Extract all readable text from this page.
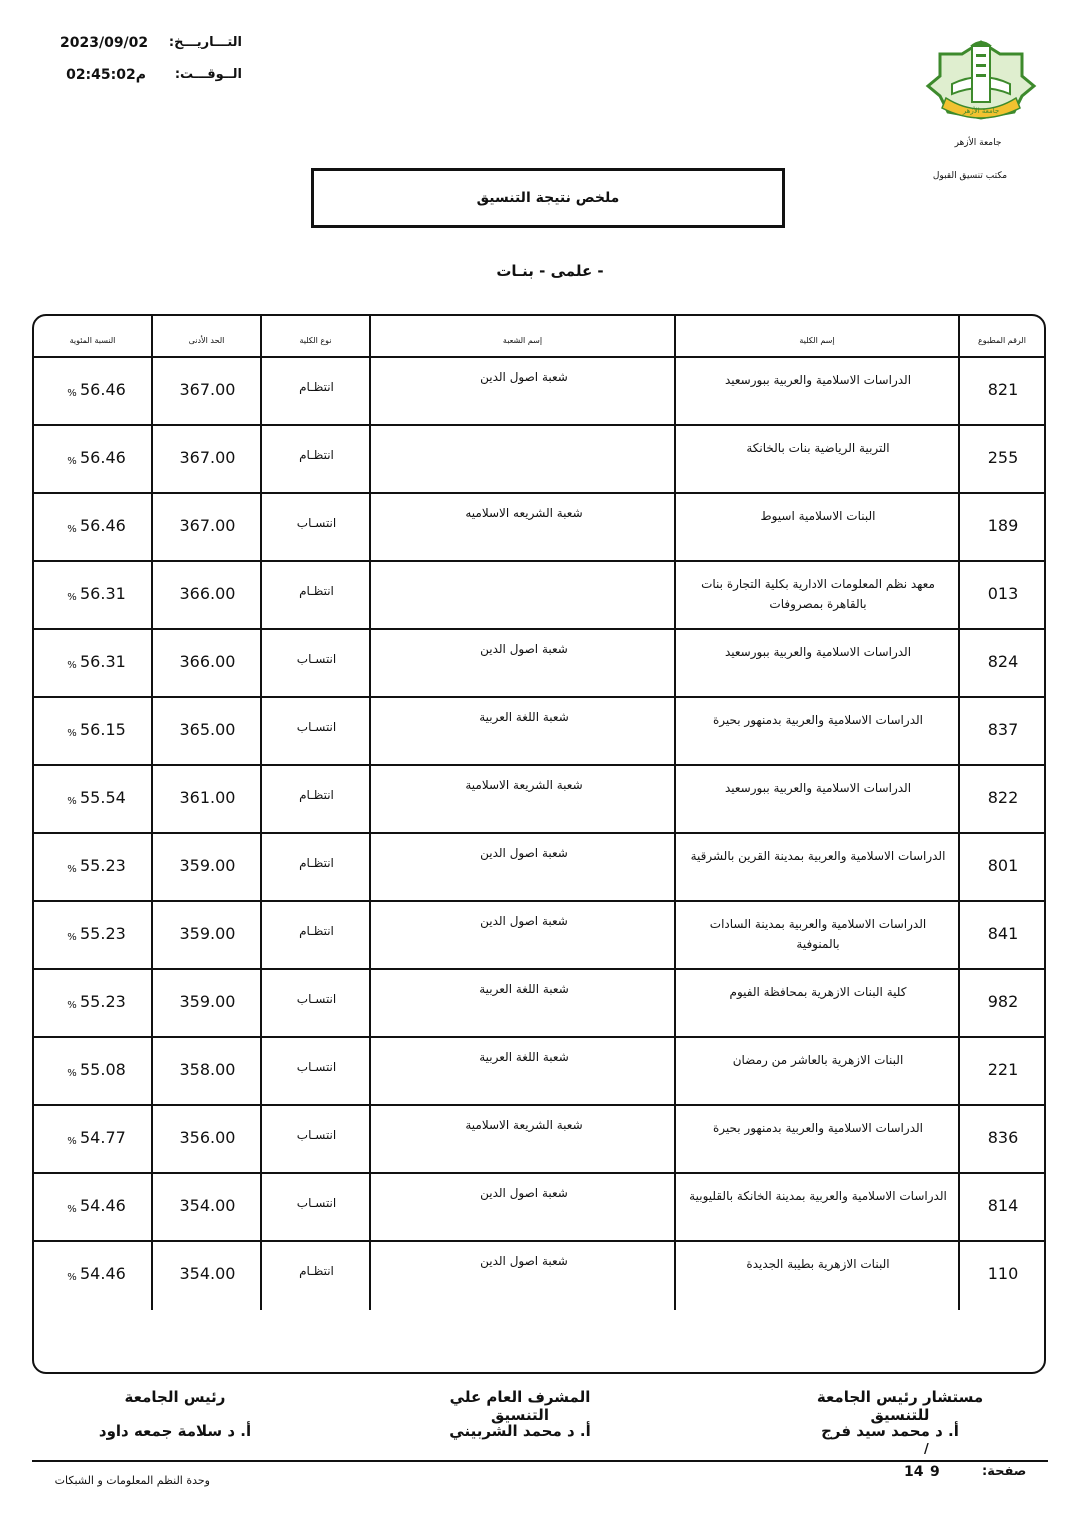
التـــاريـــخ:
2023/09/02
الــوقـــت:
م02:45:02
جامعة الأزهر
جامعة الأزهر
مكتب تنسيق القبول
ملخص نتيجة التنسيق
- علمى - بنـات
الرقم المطبوع
إسم الكلية
إسم الشعبة
نوع الكلية
الحد الأدنى
النسبة المئوية
821
الدراسات الاسلامية والعربية ببورسعيد
شعبة اصول الدين
انتظـام
367.00
56.46
%
255
التربية الرياضية بنات بالخانكة
انتظـام
367.00
56.46
%
189
البنات الاسلامية اسيوط
شعبة الشريعه الاسلاميه
انتسـاب
367.00
56.46
%
013
معهد نظم المعلومات الادارية بكلية التجارة بنات بالقاهرة بمصروفات
انتظـام
366.00
56.31
%
824
الدراسات الاسلامية والعربية ببورسعيد
شعبة اصول الدين
انتسـاب
366.00
56.31
%
837
الدراسات الاسلامية والعربية بدمنهور بحيرة
شعبة اللغة العربية
انتسـاب
365.00
56.15
%
822
الدراسات الاسلامية والعربية ببورسعيد
شعبة الشريعة الاسلامية
انتظـام
361.00
55.54
%
801
الدراسات الاسلامية والعربية بمدينة القرين بالشرقية
شعبة اصول الدين
انتظـام
359.00
55.23
%
841
الدراسات الاسلامية والعربية بمدينة السادات بالمنوفية
شعبة اصول الدين
انتظـام
359.00
55.23
%
982
كلية البنات الازهرية بمحافظة الفيوم
شعبة اللغة العربية
انتسـاب
359.00
55.23
%
221
البنات الازهرية بالعاشر من رمضان
شعبة اللغة العربية
انتسـاب
358.00
55.08
%
836
الدراسات الاسلامية والعربية بدمنهور بحيرة
شعبة الشريعة الاسلامية
انتسـاب
356.00
54.77
%
814
الدراسات الاسلامية والعربية بمدينة الخانكة بالقليوبية
شعبة اصول الدين
انتسـاب
354.00
54.46
%
110
البنات الازهرية بطيبة الجديدة
شعبة اصول الدين
انتظـام
354.00
54.46
%
مستشار رئيس الجامعة للتنسيق
أ. د محمد سيد فرج
/
المشرف العام علي التنسيق
أ. د محمد الشربيني
رئيس الجامعة
أ. د سلامة جمعه داود
صفحة:
9
14
وحدة النظم المعلومات و الشبكات
